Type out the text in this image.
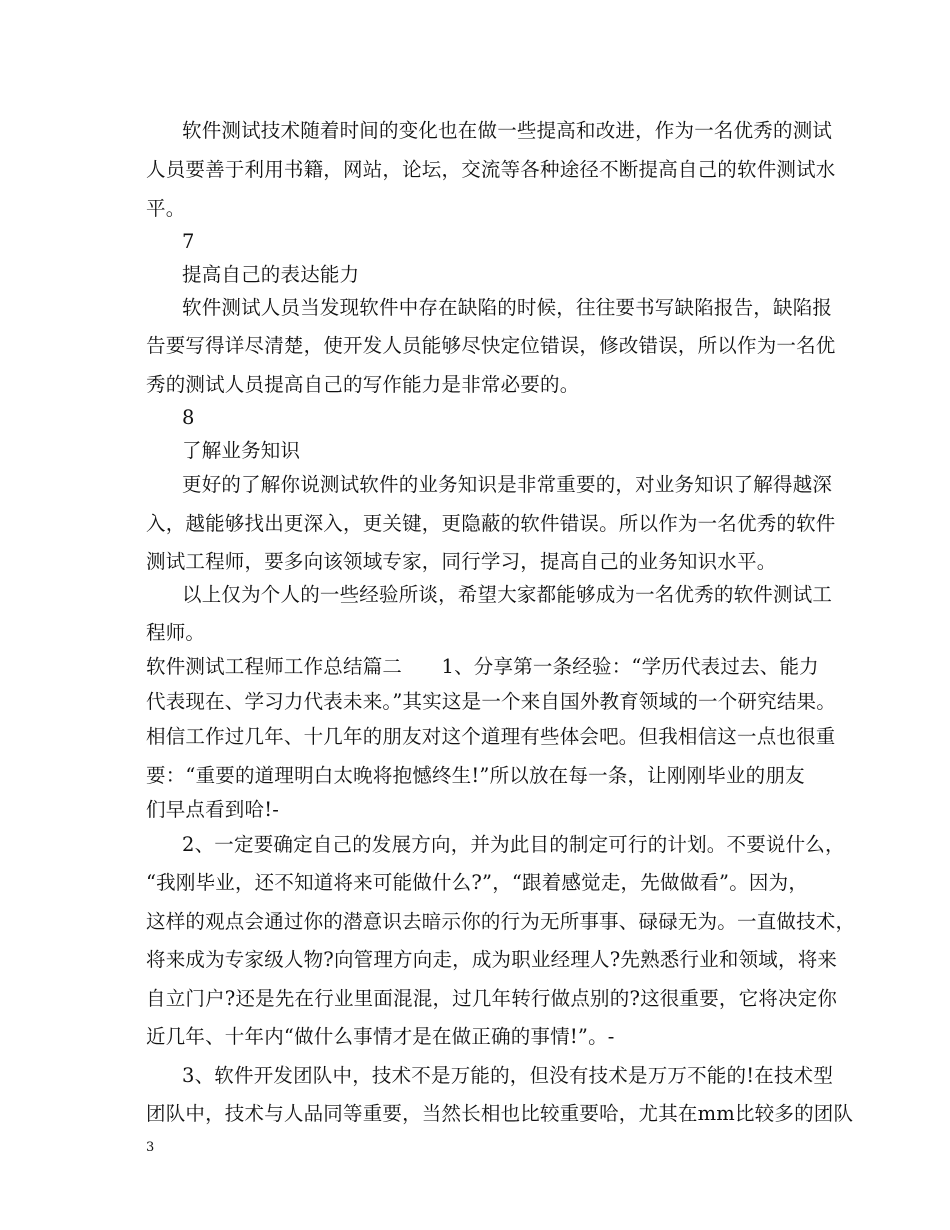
软件测试技术随着时间的变化也在做一些提高和改进，作为一名优秀的测试
人员要善于利用书籍，网站，论坛，交流等各种途径不断提高自己的软件测试水
平。
7
提高自己的表达能力
软件测试人员当发现软件中存在缺陷的时候，往往要书写缺陷报告，缺陷报
告要写得详尽清楚，使开发人员能够尽快定位错误，修改错误，所以作为一名优
秀的测试人员提高自己的写作能力是非常必要的。
8
了解业务知识
更好的了解你说测试软件的业务知识是非常重要的，对业务知识了解得越深
入，越能够找出更深入，更关键，更隐蔽的软件错误。所以作为一名优秀的软件
测试工程师，要多向该领域专家，同行学习，提高自己的业务知识水平。
以上仅为个人的一些经验所谈，希望大家都能够成为一名优秀的软件测试工
程师。
软件测试工程师工作总结篇二　　1、分享第一条经验：“学历代表过去、能力
代表现在、学习力代表未来。”其实这是一个来自国外教育领域的一个研究结果。
相信工作过几年、十几年的朋友对这个道理有些体会吧。但我相信这一点也很重
要：“重要的道理明白太晚将抱憾终生!”所以放在每一条，让刚刚毕业的朋友
们早点看到哈!-
2、一定要确定自己的发展方向，并为此目的制定可行的计划。不要说什么，
“我刚毕业，还不知道将来可能做什么?”，“跟着感觉走，先做做看”。因为，
这样的观点会通过你的潜意识去暗示你的行为无所事事、碌碌无为。一直做技术，
将来成为专家级人物?向管理方向走，成为职业经理人?先熟悉行业和领域，将来
自立门户?还是先在行业里面混混，过几年转行做点别的?这很重要，它将决定你
近几年、十年内“做什么事情才是在做正确的事情!”。-
3、软件开发团队中，技术不是万能的，但没有技术是万万不能的!在技术型
团队中，技术与人品同等重要，当然长相也比较重要哈，尤其在mm比较多的团队
3
